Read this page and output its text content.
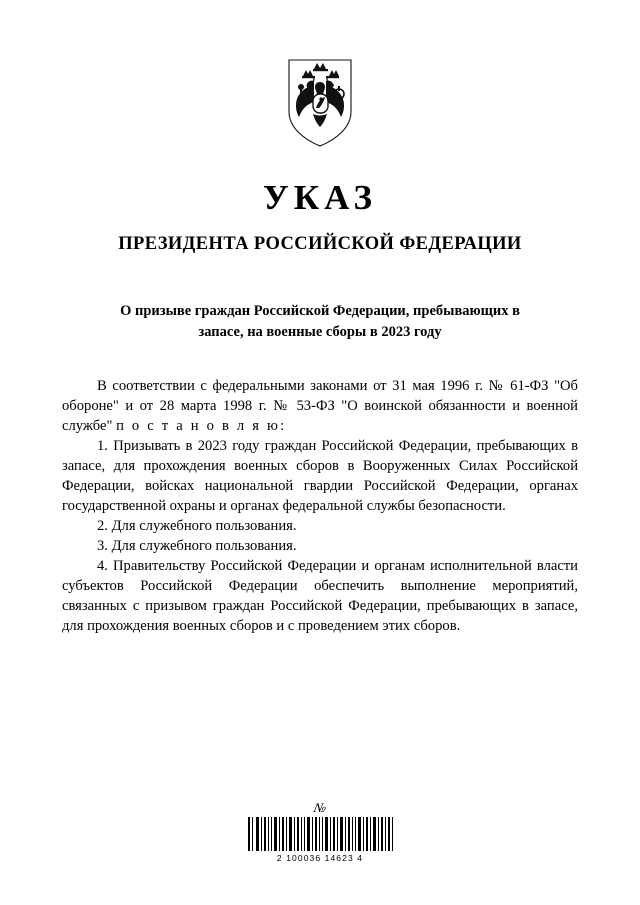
УКАЗ
ПРЕЗИДЕНТА РОССИЙСКОЙ ФЕДЕРАЦИИ
О призыве граждан Российской Федерации, пребывающих в запасе, на военные сборы в 2023 году

В соответствии с федеральными законами от 31 мая 1996 г. № 61-ФЗ "Об обороне" и от 28 марта 1998 г. № 53-ФЗ "О воинской обязанности и военной службе" п о с т а н о в л я ю:

1. Призывать в 2023 году граждан Российской Федерации, пребывающих в запасе, для прохождения военных сборов в Вооруженных Силах Российской Федерации, войсках национальной гвардии Российской Федерации, органах государственной охраны и органах федеральной службы безопасности.

2. Для служебного пользования.

3. Для служебного пользования.

4. Правительству Российской Федерации и органам исполнительной власти субъектов Российской Федерации обеспечить выполнение мероприятий, связанных с призывом граждан Российской Федерации, пребывающих в запасе, для прохождения военных сборов и с проведением этих сборов.

№
2 100036 14623 4
